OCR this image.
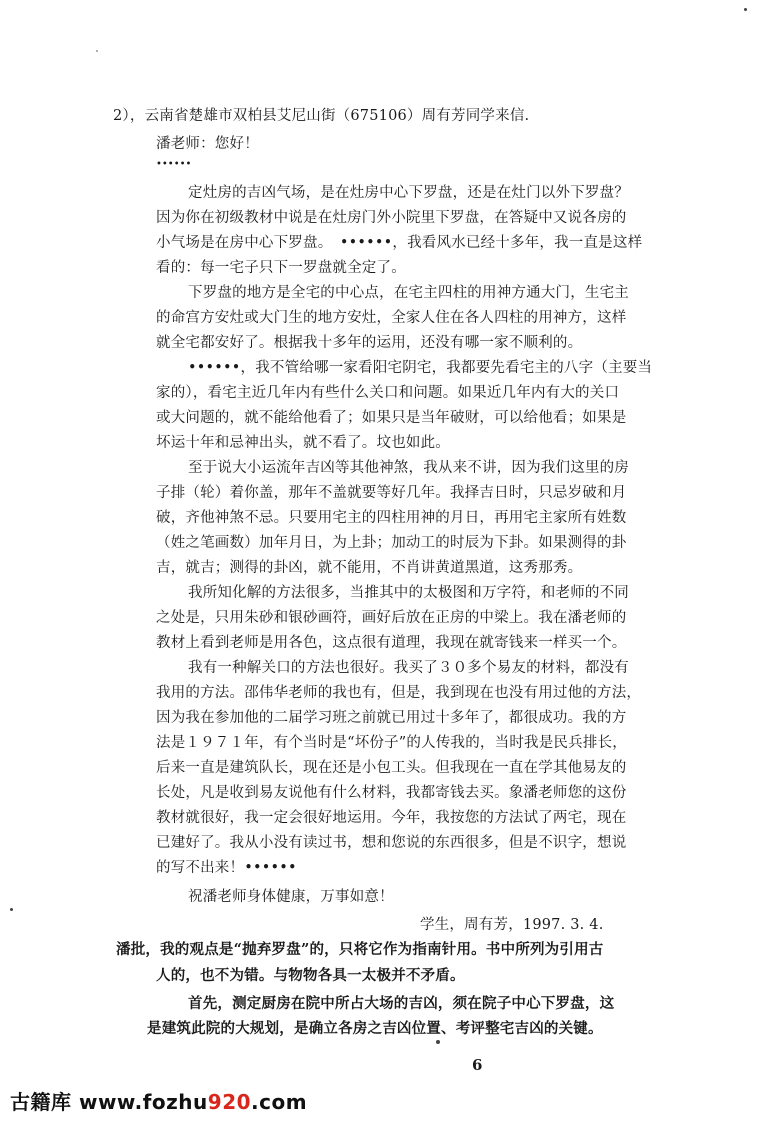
2），云南省楚雄市双柏县艾尼山街（675106）周有芳同学来信.
潘老师：您好！
••••••
定灶房的吉凶气场，是在灶房中心下罗盘，还是在灶门以外下罗盘？
因为你在初级教材中说是在灶房门外小院里下罗盘，在答疑中又说各房的
小气场是在房中心下罗盘。　••••••，我看风水已经十多年，我一直是这样
看的：每一宅子只下一罗盘就全定了。
下罗盘的地方是全宅的中心点，在宅主四柱的用神方通大门，生宅主
的命宫方安灶或大门生的地方安灶，全家人住在各人四柱的用神方，这样
就全宅都安好了。根据我十多年的运用，还没有哪一家不顺利的。
••••••，我不管给哪一家看阳宅阴宅，我都要先看宅主的八字（主要当
家的），看宅主近几年内有些什么关口和问题。如果近几年内有大的关口
或大问题的，就不能给他看了；如果只是当年破财，可以给他看；如果是
坏运十年和忌神出头，就不看了。坟也如此。
至于说大小运流年吉凶等其他神煞，我从来不讲，因为我们这里的房
子排（轮）着你盖，那年不盖就要等好几年。我择吉日时，只忌岁破和月
破，齐他神煞不忌。只要用宅主的四柱用神的月日，再用宅主家所有姓数
（姓之笔画数）加年月日，为上卦；加动工的时辰为下卦。如果测得的卦
吉，就吉；测得的卦凶，就不能用，不肖讲黄道黑道，这秀那秀。
我所知化解的方法很多，当推其中的太极图和万字符，和老师的不同
之处是，只用朱砂和银砂画符，画好后放在正房的中梁上。我在潘老师的
教材上看到老师是用各色，这点很有道理，我现在就寄钱来一样买一个。
我有一种解关口的方法也很好。我买了３０多个易友的材料，都没有
我用的方法。邵伟华老师的我也有，但是，我到现在也没有用过他的方法，
因为我在参加他的二届学习班之前就已用过十多年了，都很成功。我的方
法是１９７１年，有个当时是“坏份子”的人传我的，当时我是民兵排长，
后来一直是建筑队长，现在还是小包工头。但我现在一直在学其他易友的
长处，凡是收到易友说他有什么材料，我都寄钱去买。象潘老师您的这份
教材就很好，我一定会很好地运用。今年，我按您的方法试了两宅，现在
已建好了。我从小没有读过书，想和您说的东西很多，但是不识字，想说
的写不出来！••••••
祝潘老师身体健康，万事如意！
学生，周有芳，1997. 3. 4.
潘批，我的观点是“抛弃罗盘”的，只将它作为指南针用。书中所列为引用古
人的，也不为错。与物物各具一太极并不矛盾。
首先，测定厨房在院中所占大场的吉凶，须在院子中心下罗盘，这
是建筑此院的大规划，是确立各房之吉凶位置、考评整宅吉凶的关键。
6
古籍库 www.fozhu920.com
